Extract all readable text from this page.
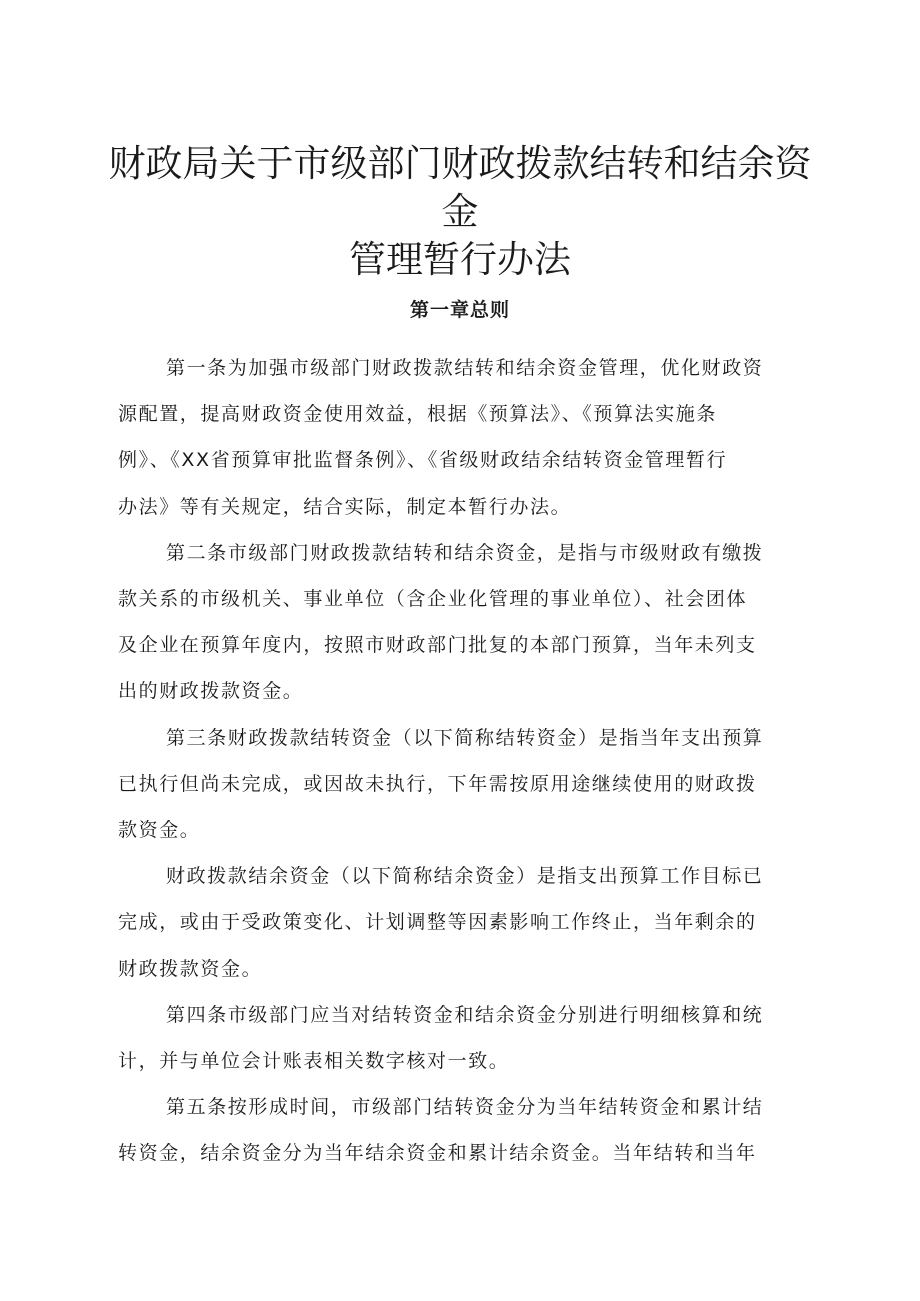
财政局关于市级部门财政拨款结转和结余资金
管理暂行办法
第一章总则

第一条为加强市级部门财政拨款结转和结余资金管理，优化财政资
源配置，提高财政资金使用效益，根据《预算法》、《预算法实施条
例》、《XX省预算审批监督条例》、《省级财政结余结转资金管理暂行
办法》等有关规定，结合实际，制定本暂行办法。

第二条市级部门财政拨款结转和结余资金，是指与市级财政有缴拨
款关系的市级机关、事业单位（含企业化管理的事业单位）、社会团体
及企业在预算年度内，按照市财政部门批复的本部门预算，当年未列支
出的财政拨款资金。

第三条财政拨款结转资金（以下简称结转资金）是指当年支出预算
已执行但尚未完成，或因故未执行，下年需按原用途继续使用的财政拨
款资金。

财政拨款结余资金（以下简称结余资金）是指支出预算工作目标已
完成，或由于受政策变化、计划调整等因素影响工作终止，当年剩余的
财政拨款资金。

第四条市级部门应当对结转资金和结余资金分别进行明细核算和统
计，并与单位会计账表相关数字核对一致。

第五条按形成时间，市级部门结转资金分为当年结转资金和累计结
转资金，结余资金分为当年结余资金和累计结余资金。当年结转和当年
